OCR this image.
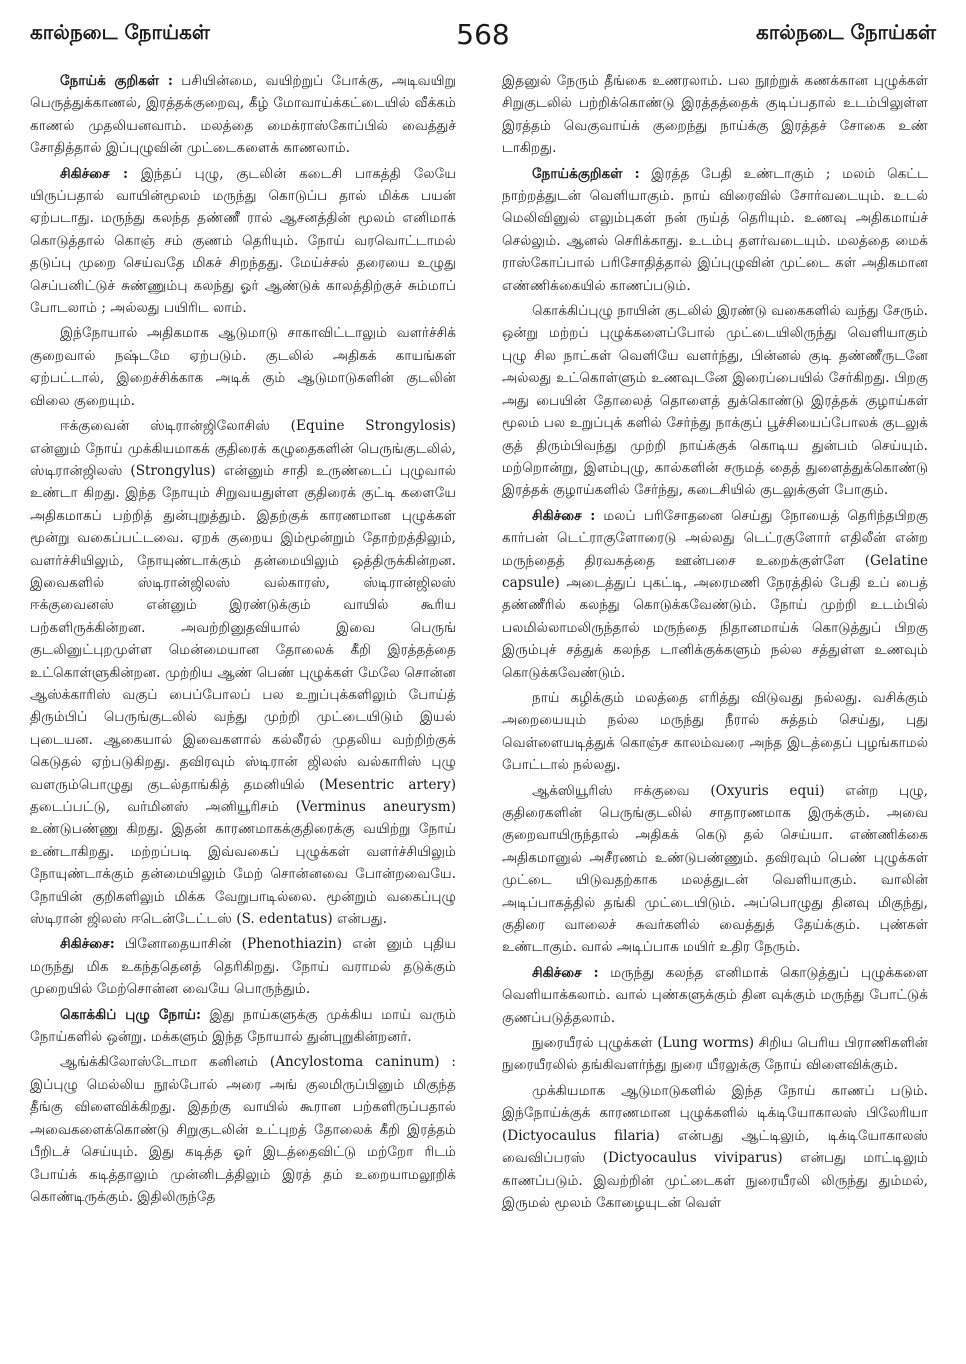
கால்நடை நோய்கள்	568	கால்நடை நோய்கள்

நோய்க் குறிகள் : பசியின்மை, வயிற்றுப் போக்கு, அடிவயிறு பெருத்துக்காணல், இரத்தக்குறைவு, கீழ் மோவாய்க்கட்டையில் வீக்கம் காணல் முதலியனவாம். மலத்தை மைக்ராஸ்கோப்பில் வைத்துச் சோதித்தால் இப்புழுவின் முட்டைகளைக் காணலாம்.

சிகிச்சை : இந்தப் புழு, குடலின் கடைசி பாகத்தி லேயே யிருப்பதால் வாயின்மூலம் மருந்து கொடுப்ப தால் மிக்க பயன் ஏற்படாது. மருந்து கலந்த தண்ணீ ரால் ஆசனத்தின் மூலம் எனிமாக் கொடுத்தால் கொஞ் சம் குணம் தெரியும். நோய் வரவொட்டாமல் தடுப்பு முறை செய்வதே மிகச் சிறந்தது. மேய்ச்சல் தரையை உழுது செப்பனிட்டுச் சுண்ணும்பு கலந்து ஓர் ஆண்டுக் காலத்திற்குச் சும்மாப் போடலாம் ; அல்லது பயிரிட லாம்.

இந்நோயால் அதிகமாக ஆடுமாடு சாகாவிட்டாலும் வளர்ச்சிக் குறைவால் நஷ்டமே ஏற்படும். குடலில் அதிகக் காயங்கள் ஏற்பட்டால், இறைச்சிக்காக அடிக் கும் ஆடுமாடுகளின் குடலின் விலை குறையும்.

ஈக்குவைன் ஸ்டிரான்ஜிலோசிஸ் (Equine Strongylosis) என்னும் நோய் முக்கியமாகக் குதிரைக் கழுதைகளின் பெருங்குடலில், ஸ்டிரான்ஜிலஸ் (Strongylus) என்னும் சாதி உருண்டைப் புழுவால் உண்டா கிறது. இந்த நோயும் சிறுவயதுள்ள குதிரைக் குட்டி களையே அதிகமாகப் பற்றித் துன்புறுத்தும். இதற்குக் காரணமான புழுக்கள் மூன்று வகைப்பட்டவை. ஏறக் குறைய இம்மூன்றும் தோற்றத்திலும், வளர்ச்சியிலும், நோயுண்டாக்கும் தன்மையிலும் ஒத்திருக்கின்றன. இவைகளில் ஸ்டிரான்ஜிலஸ் வல்காரஸ், ஸ்டிரான்ஜிலஸ் ஈக்குவைனஸ் என்னும் இரண்டுக்கும் வாயில் கூரிய பற்களிருக்கின்றன. அவற்றினுதவியால் இவை பெருங் குடலினுட்புறமுள்ள மென்மையான தோலைக் கீறி இரத்தத்தை உட்கொள்ளுகின்றன. முற்றிய ஆண் பெண் புழுக்கள் மேலே சொன்ன ஆஸ்க்காரிஸ் வகுப் பைப்போலப் பல உறுப்புக்களிலும் போய்த் திரும்பிப் பெருங்குடலில் வந்து முற்றி முட்டையிடும் இயல் புடையன. ஆகையால் இவைகளால் கல்லீரல் முதலிய வற்றிற்குக் கெடுதல் ஏற்படுகிறது. தவிரவும் ஸ்டிரான் ஜிலஸ் வல்காரிஸ் புழு வளரும்பொழுது குடல்தாங்கித் தமனியில் (Mesentric artery) தடைப்பட்டு, வர்மினஸ் அனியூரிசம் (Verminus aneurysm) உண்டுபண்ணு கிறது. இதன் காரணமாகக்குதிரைக்கு வயிற்று நோய் உண்டாகிறது. மற்றப்படி இவ்வகைப் புழுக்கள் வளர்ச்சியிலும் நோயுண்டாக்கும் தன்மையிலும் மேற் சொன்னவை போன்றவையே. நோயின் குறிகளிலும் மிக்க வேறுபாடில்லை. மூன்றும் வகைப்புழு ஸ்டிரான் ஜிலஸ் ஈடென்டேட்டஸ் (S. edentatus) என்பது.

சிகிச்சை: பினோதையாசின் (Phenothiazin) என் னும் புதிய மருந்து மிக உகந்ததெனத் தெரிகிறது. நோய் வராமல் தடுக்கும் முறையில் மேற்சொன்ன வையே பொருந்தும்.

கொக்கிப் புழு நோய்: இது நாய்களுக்கு முக்கிய மாய் வரும் நோய்களில் ஒன்று. மக்களும் இந்த நோயால் துன்புறுகின்றனர்.

ஆங்க்கிலோஸ்டோமா கனினம் (Ancylostoma caninum) : இப்புழு மெல்லிய நூல்போல் அரை அங் குலமிருப்பினும் மிகுந்த தீங்கு விளைவிக்கிறது. இதற்கு வாயில் கூரான பற்களிருப்பதால் அவைகளைக்கொண்டு சிறுகுடலின் உட்புறத் தோலைக் கீறி இரத்தம் பீறிடச் செய்யும். இது கடித்த ஓர் இடத்தைவிட்டு மற்றோ ரிடம் போய்க் கடித்தாலும் முன்னிடத்திலும் இரத் தம் உறையாமலூறிக் கொண்டிருக்கும். இதிலிருந்தே

இதனுல் நேரும் தீங்கை உணரலாம். பல நூற்றுக் கணக்கான புழுக்கள் சிறுகுடலில் பற்றிக்கொண்டு இரத்தத்தைக் குடிப்பதால் உடம்பிலுள்ள இரத்தம் வெகுவாய்க் குறைந்து நாய்க்கு இரத்தச் சோகை உண் டாகிறது.

நோய்க்குறிகள் : இரத்த பேதி உண்டாகும் ; மலம் கெட்ட நாற்றத்துடன் வெளியாகும். நாய் விரைவில் சோர்வடையும். உடல் மெலிவினுல் எலும்புகள் நன் ருய்த் தெரியும். உணவு அதிகமாய்ச் செல்லும். ஆனல் செரிக்காது. உடம்பு தளர்வடையும். மலத்தை மைக் ராஸ்கோப்பால் பரிசோதித்தால் இப்புழுவின் முட்டை கள் அதிகமான எண்ணிக்கையில் காணப்படும்.

கொக்கிப்புழு நாயின் குடலில் இரண்டு வகைகளில் வந்து சேரும். ஒன்று மற்றப் புழுக்களைப்போல் முட்டையிலிருந்து வெளியாகும் புழு சில நாட்கள் வெளியே வளர்ந்து, பின்னல் குடி தண்ணீருடனே அல்லது உட்கொள்ளும் உணவுடனே இரைப்பையில் சேர்கிறது. பிறகு அது பையின் தோலைத் தொளைத் துக்கொண்டு இரத்தக் குழாய்கள் மூலம் பல உறுப்புக் களில் சேர்ந்து நாக்குப் பூச்சியைப்போலக் குடலுக் குத் திரும்பிவந்து முற்றி நாய்க்குக் கொடிய துன்பம் செய்யும். மற்றொன்று, இளம்புழு, கால்களின் சருமத் தைத் துளைத்துக்கொண்டு இரத்தக் குழாய்களில் சேர்ந்து, கடைசியில் குடலுக்குள் போகும்.

சிகிச்சை : மலப் பரிசோதனை செய்து நோயைத் தெரிந்தபிறகு கார்பன் டெட்ராகுளோரைடு அல்லது டெட்ரகுளோர் எதிலீன் என்ற மருந்தைத் திரவகத்தை ஊன்பசை உறைக்குள்ளே (Gelatine capsule) அடைத்துப் புகட்டி, அரைமணி நேரத்தில் பேதி உப் பைத் தண்ணீரில் கலந்து கொடுக்கவேண்டும். நோய் முற்றி உடம்பில் பலமில்லாமலிருந்தால் மருந்தை நிதானமாய்க் கொடுத்துப் பிறகு இரும்புச் சத்துக் கலந்த டானிக்குக்களும் நல்ல சத்துள்ள உணவும் கொடுக்கவேண்டும்.

நாய் கழிக்கும் மலத்தை எரித்து விடுவது நல்லது. வசிக்கும் அறையையும் நல்ல மருந்து நீரால் சுத்தம் செய்து, புது வெள்ளையடித்துக் கொஞ்ச காலம்வரை அந்த இடத்தைப் புழங்காமல் போட்டால் நல்லது.

ஆக்ஸியூரிஸ் ஈக்குவை (Oxyuris equi) என்ற புழு, குதிரைகளின் பெருங்குடலில் சாதாரணமாக இருக்கும். அவை குறைவாயிருந்தால் அதிகக் கெடு தல் செய்யா. எண்ணிக்கை அதிகமானுல் அசீரணம் உண்டுபண்ணும். தவிரவும் பெண் புழுக்கள் முட்டை யிடுவதற்காக மலத்துடன் வெளியாகும். வாலின் அடிப்பாகத்தில் தங்கி முட்டையிடும். அப்பொழுது தினவு மிகுந்து, குதிரை வாலைச் சுவர்களில் வைத்துத் தேய்க்கும். புண்கள் உண்டாகும். வால் அடிப்பாக மயிர் உதிர நேரும்.

சிகிச்சை : மருந்து கலந்த எனிமாக் கொடுத்துப் புழுக்களை வெளியாக்கலாம். வால் புண்களுக்கும் தின வுக்கும் மருந்து போட்டுக் குணப்படுத்தலாம்.

நுரையீரல் புழுக்கள் (Lung worms) சிறிய பெரிய பிராணிகளின் நுரையீரலில் தங்கிவளர்ந்து நுரை யீரலுக்கு நோய் விளைவிக்கும்.

முக்கியமாக ஆடுமாடுகளில் இந்த நோய் காணப் படும். இந்நோய்க்குக் காரணமான புழுக்களில் டிக்டியோகாலஸ் பிலேரியா (Dictyocaulus filaria) என்பது ஆட்டிலும், டிக்டியோகாலஸ் வைவிப்பரஸ் (Dictyocaulus viviparus) என்பது மாட்டிலும் காணப்படும். இவற்றின் முட்டைகள் நுரையீரலி லிருந்து தும்மல், இருமல் மூலம் கோழையுடன் வெள்
